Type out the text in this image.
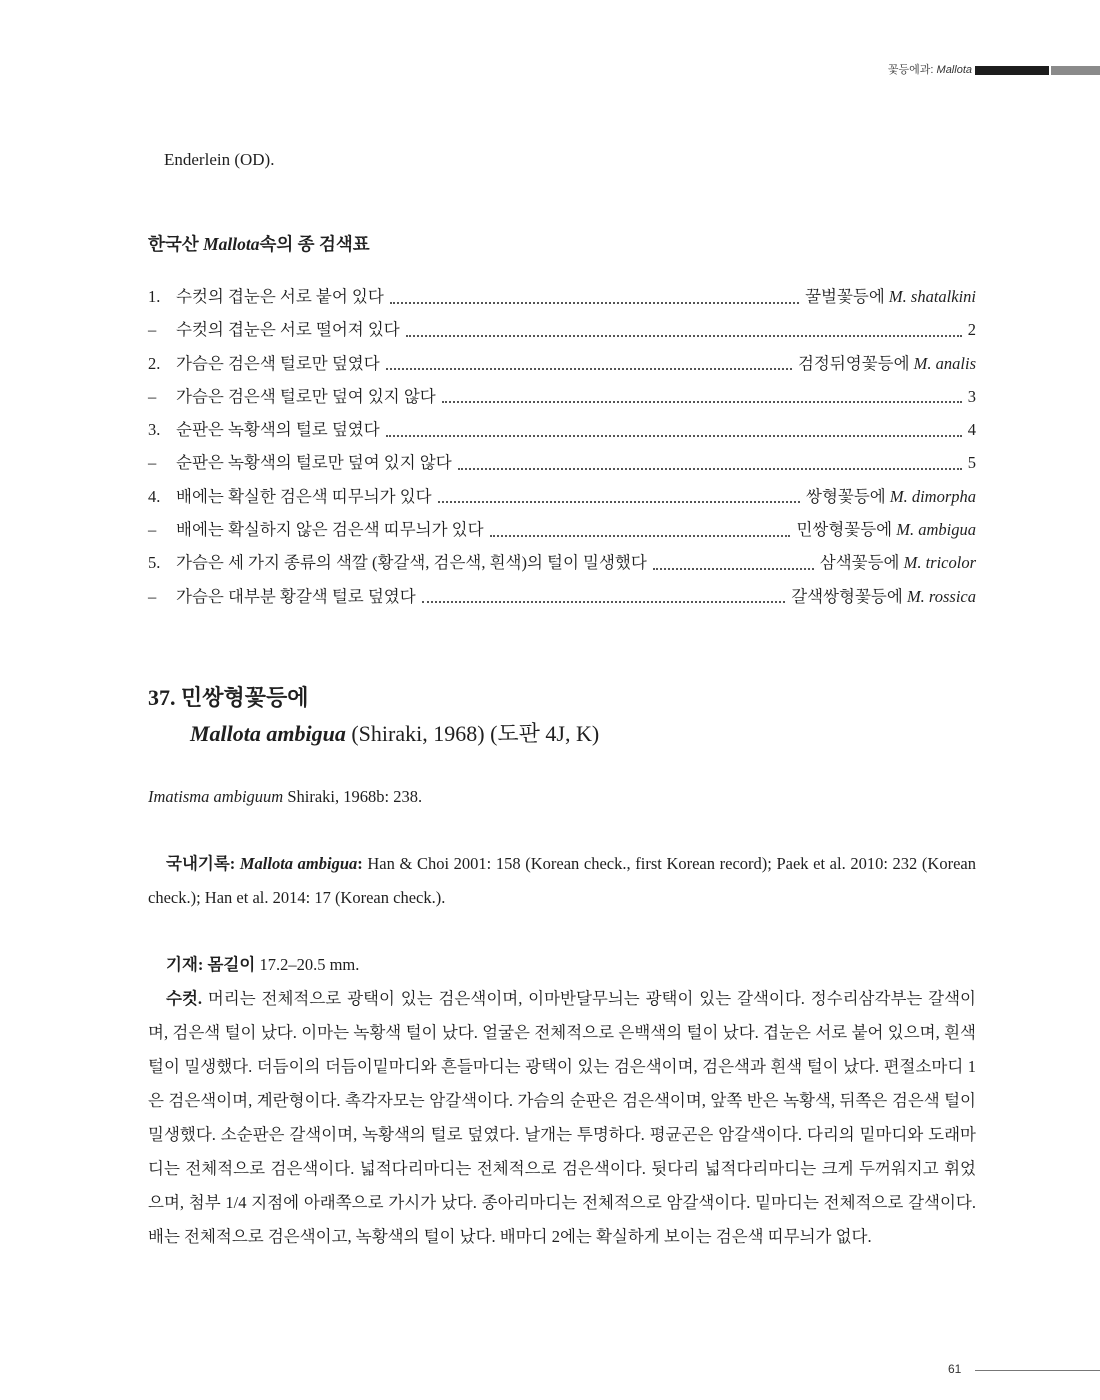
꽃등에과: Mallota
Enderlein (OD).
한국산 Mallota속의 종 검색표
1. 수컷의 겹눈은 서로 붙어 있다	꿀벌꽃등에 M. shatalkini
–	수컷의 겹눈은 서로 떨어져 있다	2
2. 가슴은 검은색 털로만 덮였다	검정뒤영꽃등에 M. analis
–	가슴은 검은색 털로만 덮여 있지 않다	3
3. 순판은 녹황색의 털로 덮였다	4
–	순판은 녹황색의 털로만 덮여 있지 않다	5
4. 배에는 확실한 검은색 띠무늬가 있다	쌍형꽃등에 M. dimorpha
–	배에는 확실하지 않은 검은색 띠무늬가 있다	민쌍형꽃등에 M. ambigua
5. 가슴은 세 가지 종류의 색깔 (황갈색, 검은색, 흰색)의 털이 밀생했다	삼색꽃등에 M. tricolor
–	가슴은 대부분 황갈색 털로 덮였다	갈색쌍형꽃등에 M. rossica
37. 민쌍형꽃등에
Mallota ambigua (Shiraki, 1968) (도판 4J, K)
Imatisma ambiguum Shiraki, 1968b: 238.
국내기록: Mallota ambigua: Han & Choi 2001: 158 (Korean check., first Korean record); Paek et al. 2010: 232 (Korean check.); Han et al. 2014: 17 (Korean check.).
기재: 몸길이 17.2–20.5 mm.
수컷. 머리는 전체적으로 광택이 있는 검은색이며, 이마반달무늬는 광택이 있는 갈색이다. 정수리삼각부는 갈색이며, 검은색 털이 났다. 이마는 녹황색 털이 났다. 얼굴은 전체적으로 은백색의 털이 났다. 겹눈은 서로 붙어 있으며, 흰색 털이 밀생했다. 더듬이의 더듬이밑마디와 흔들마디는 광택이 있는 검은색이며, 검은색과 흰색 털이 났다. 편절소마디 1은 검은색이며, 계란형이다. 촉각자모는 암갈색이다. 가슴의 순판은 검은색이며, 앞쪽 반은 녹황색, 뒤쪽은 검은색 털이 밀생했다. 소순판은 갈색이며, 녹황색의 털로 덮였다. 날개는 투명하다. 평균곤은 암갈색이다. 다리의 밑마디와 도래마디는 전체적으로 검은색이다. 넓적다리마디는 전체적으로 검은색이다. 뒷다리 넓적다리마디는 크게 두꺼워지고 휘었으며, 첨부 1/4 지점에 아래쪽으로 가시가 났다. 종아리마디는 전체적으로 암갈색이다. 밑마디는 전체적으로 갈색이다. 배는 전체적으로 검은색이고, 녹황색의 털이 났다. 배마디 2에는 확실하게 보이는 검은색 띠무늬가 없다.
61
